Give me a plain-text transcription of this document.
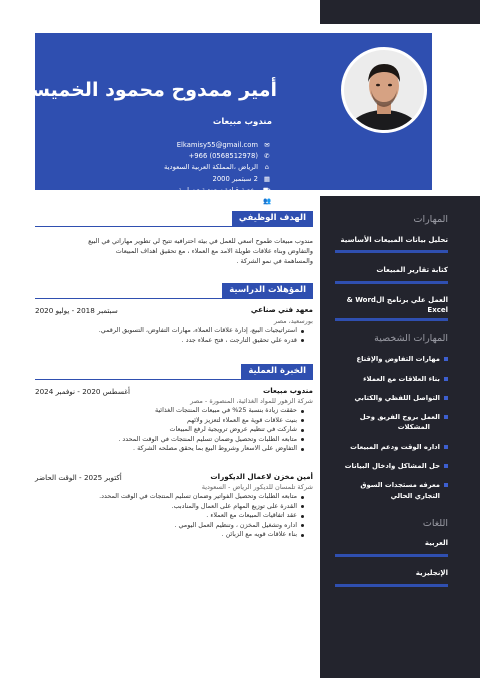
المهارات
تحليل بيانات المبيعات الأساسية
كتابة تقارير المبيعات
العمل علي برنامج ال‏Word &
Excel
المهارات الشخصية
مهارات التفاوض والإقناع
بناء العلاقات مع العملاء
التواصل اللفظي والكتابي
العمل بروح الفريق وحل
المشكلات
اداره الوقت ودعم المبيعات
حل المشاكل وادخال البيانات
معرفه مستجدات السوق
التجاري الحالي
اللغات
العربية
الإنجليزية
أمير ممدوح محمود الخميسي
مندوب مبيعات
✉
Elkamisy55@gmail.com
✆
+966 (0568512978)
⌂
الرياض ،المملكة العربية السعودية
▦
2 سبتمبر 2000
⛟
رخصة قيادة سعودية - سارية
👥
أعزب
الهدف الوظيفي
مندوب مبيعات طموح اسعي للعمل في بيئه احترافيه تتيح لي تطوير مهاراتي في البيع
والتفاوض وبناء علاقات طويلة الامد مع العملاء ، مع تحقيق اهداف المبيعات
والمساهمة في نمو الشركة .
المؤهلات الدراسية
معهد فني صناعي
سبتمبر 2018 - يوليو 2020
بورسعيد، مصر
استراتيجيات البيع، إدارة علاقات العملاء، مهارات التفاوض، التسويق الرقمي.
قدره علي تحقيق التارجت ، فتح عملاء جدد .
الخبرة العملية
مندوب مبيعات
أغسطس 2020 - نوفمبر 2024
شركة الزهور للمواد الغذائية، المنصورة - مصر
حققت زيادة بنسبة 25% في مبيعات المنتجات الغذائية
بنيت علاقات قوية مع العملاء لتعزيز ولائهم
شاركت في تنظيم عروض ترويجية لرفع المبيعات
متابعه الطلبات وتحصيل وضمان تسليم المنتجات في الوقت المحدد .
التفاوض على الاسعار وشروط البيع بما يحقق مصلحه الشركة .
أمين مخزن لاعمال الديكورات
أكتوبر 2025 - الوقت الحاضر
شركة تلمسان للديكور الرياض - السعودية
متابعه الطلبات وتحصيل الفواتير وضمان تسليم المنتجات في الوقت المحدد.
القدرة على توزيع المهام على العمال والمنادبب.
عقد اتفاقيات المبيعات مع العملاء .
اداره وتشغيل المخزن ، وتنظيم العمل اليومي .
بناء علاقات قويه مع الزبائن .
